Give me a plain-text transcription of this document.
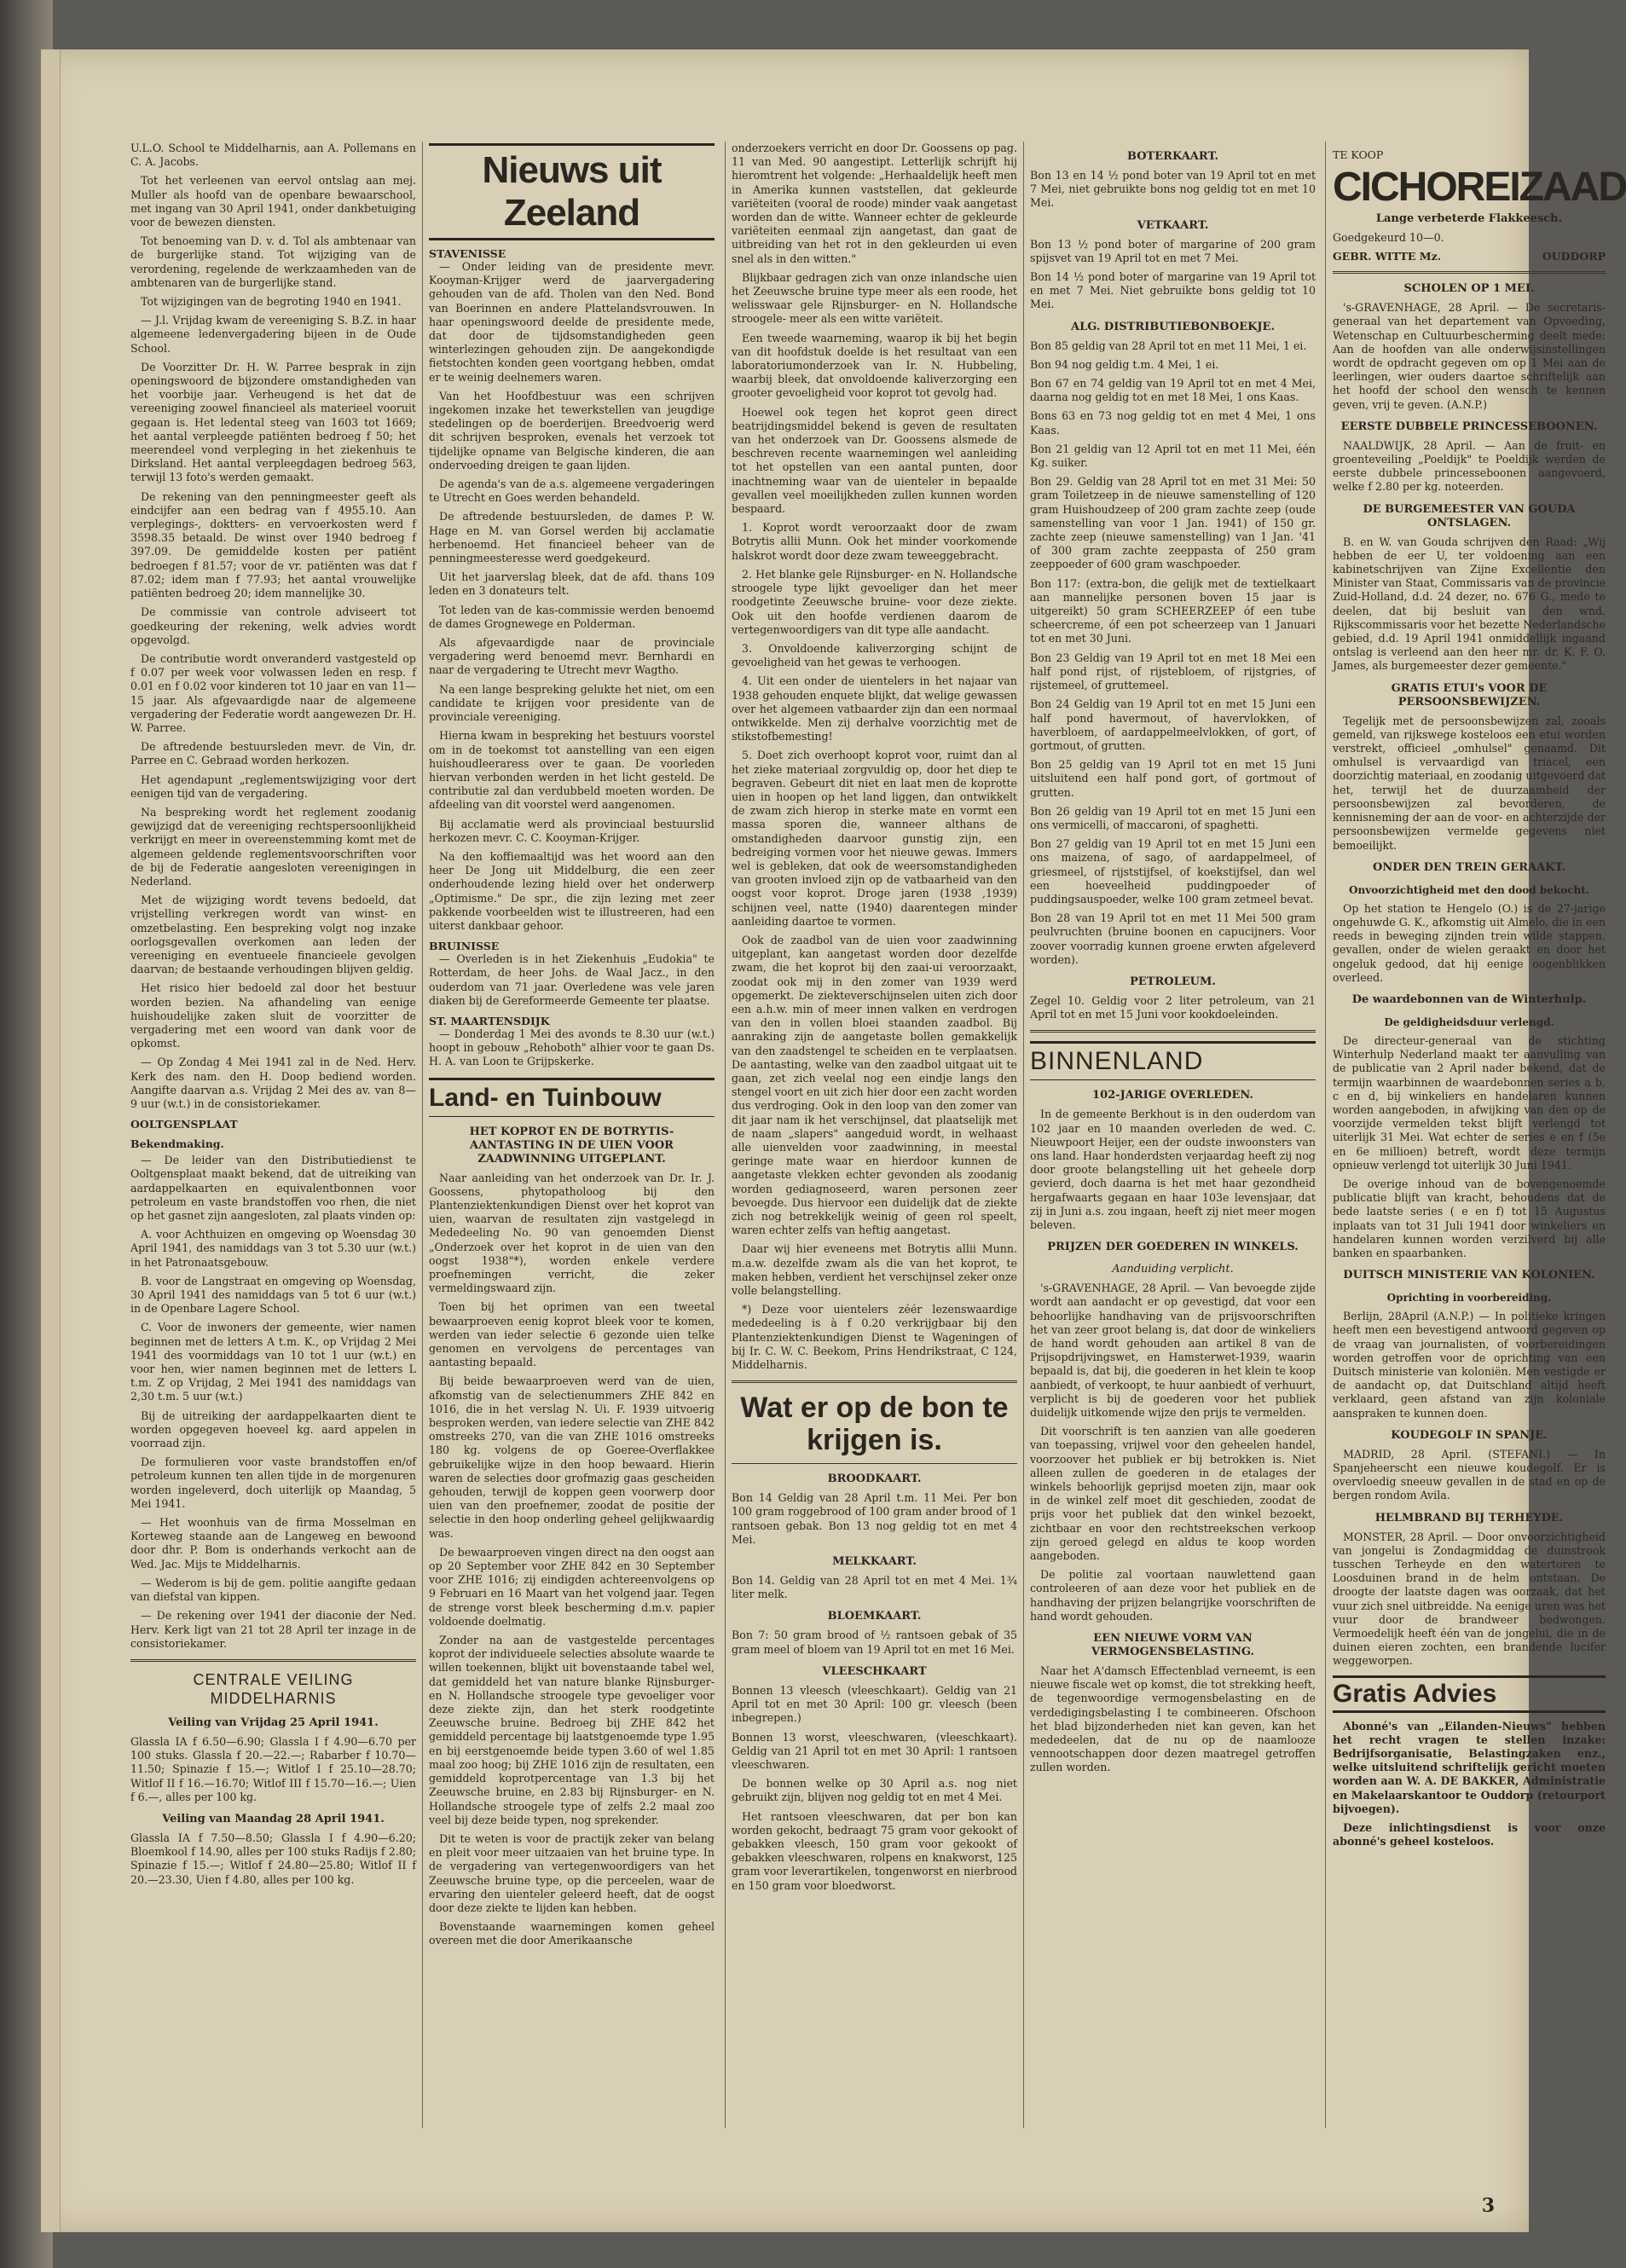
U.L.O. School te Middelharnis, aan A. Pollemans en C. A. Jacobs.

Tot het verleenen van eervol ontslag aan mej. Muller als hoofd van de openbare bewaarschool, met ingang van 30 April 1941, onder dankbetuiging voor de bewezen diensten.

Tot benoeming van D. v. d. Tol als ambtenaar van de burgerlijke stand. Tot wijziging van de verordening, regelende de werkzaamheden van de ambtenaren van de burgerlijke stand.

Tot wijzigingen van de begroting 1940 en 1941.

— J.l. Vrijdag kwam de vereeniging S. B.Z. in haar algemeene ledenvergadering bijeen in de Oude School.

De Voorzitter Dr. H. W. Parree besprak in zijn openingswoord de bijzondere omstandigheden van het voorbije jaar. Verheugend is het dat de vereeniging zoowel financieel als materieel vooruit gegaan is. Het ledental steeg van 1603 tot 1669; het aantal verpleegde patiënten bedroeg f 50; het meerendeel vond verpleging in het ziekenhuis te Dirksland. Het aantal verpleegdagen bedroeg 563, terwijl 13 foto's werden gemaakt.

De rekening van den penningmeester geeft als eindcijfer aan een bedrag van f 4955.10. Aan verplegings-, doktters- en vervoerkosten werd f 3598.35 betaald. De winst over 1940 bedroeg f 397.09. De gemiddelde kosten per patiënt bedroegen f 81.57; voor de vr. patiënten was dat f 87.02; idem man f 77.93; het aantal vrouwelijke patiënten bedroeg 20; idem mannelijke 30.

De commissie van controle adviseert tot goedkeuring der rekening, welk advies wordt opgevolgd.

De contributie wordt onveranderd vastgesteld op f 0.07 per week voor volwassen leden en resp. f 0.01 en f 0.02 voor kinderen tot 10 jaar en van 11—15 jaar. Als afgevaardigde naar de algemeene vergadering der Federatie wordt aangewezen Dr. H. W. Parree.

De aftredende bestuursleden mevr. de Vin, dr. Parree en C. Gebraad worden herkozen.

Het agendapunt „reglementswijziging voor dert eenigen tijd van de vergadering.

Na bespreking wordt het reglement zoodanig gewijzigd dat de vereeniging rechtspersoonlijkheid verkrijgt en meer in overeenstemming komt met de algemeen geldende reglementsvoorschriften voor de bij de Federatie aangesloten vereenigingen in Nederland.

Met de wijziging wordt tevens bedoeld, dat vrijstelling verkregen wordt van winst- en omzetbelasting. Een bespreking volgt nog inzake oorlogsgevallen overkomen aan leden der vereeniging en eventueele financieele gevolgen daarvan; de bestaande verhoudingen blijven geldig.

Het risico hier bedoeld zal door het bestuur worden bezien. Na afhandeling van eenige huishoudelijke zaken sluit de voorzitter de vergadering met een woord van dank voor de opkomst.

— Op Zondag 4 Mei 1941 zal in de Ned. Herv. Kerk des nam. den H. Doop bediend worden. Aangifte daarvan a.s. Vrijdag 2 Mei des av. van 8— 9 uur (w.t.) in de consistoriekamer.

OOLTGENSPLAAT
Bekendmaking.

— De leider van den Distributiedienst te Ooltgensplaat maakt bekend, dat de uitreiking van aardappelkaarten en equivalentbonnen voor petroleum en vaste brandstoffen voo rhen, die niet op het gasnet zijn aangesloten, zal plaats vinden op:

A. voor Achthuizen en omgeving op Woensdag 30 April 1941, des namiddags van 3 tot 5.30 uur (w.t.) in het Patronaatsgebouw.

B. voor de Langstraat en omgeving op Woensdag, 30 April 1941 des namiddags van 5 tot 6 uur (w.t.) in de Openbare Lagere School.

C. Voor de inwoners der gemeente, wier namen beginnen met de letters A t.m. K., op Vrijdag 2 Mei 1941 des voormiddags van 10 tot 1 uur (w.t.) en voor hen, wier namen beginnen met de letters L t.m. Z op Vrijdag, 2 Mei 1941 des namiddags van 2,30 t.m. 5 uur (w.t.)

Bij de uitreiking der aardappelkaarten dient te worden opgegeven hoeveel kg. aard appelen in voorraad zijn.

De formulieren voor vaste brandstoffen en/of petroleum kunnen ten allen tijde in de morgenuren worden ingeleverd, doch uiterlijk op Maandag, 5 Mei 1941.

— Het woonhuis van de firma Mosselman en Korteweg staande aan de Langeweg en bewoond door dhr. P. Bom is onderhands verkocht aan de Wed. Jac. Mijs te Middelharnis.

— Wederom is bij de gem. politie aangifte gedaan van diefstal van kippen.

— De rekening over 1941 der diaconie der Ned. Herv. Kerk ligt van 21 tot 28 April ter inzage in de consistoriekamer.

CENTRALE VEILING MIDDELHARNIS
Veiling van Vrijdag 25 April 1941.

Glassla IA f 6.50—6.90; Glassla I f 4.90—6.70 per 100 stuks. Glassla f 20.—22.—; Rabarber f 10.70—11.50; Spinazie f 15.—; Witlof I f 25.10—28.70; Witlof II f 16.—16.70; Witlof III f 15.70—16.—; Uien f 6.—, alles per 100 kg.

Veiling van Maandag 28 April 1941.

Glassla IA f 7.50—8.50; Glassla I f 4.90—6.20; Bloemkool f 14.90, alles per 100 stuks Radijs f 2.80; Spinazie f 15.—; Witlof f 24.80—25.80; Witlof II f 20.—23.30, Uien f 4.80, alles per 100 kg.

Nieuws uit Zeeland
STAVENISSE

— Onder leiding van de presidente mevr. Kooyman-Krijger werd de jaarvergadering gehouden van de afd. Tholen van den Ned. Bond van Boerinnen en andere Plattelandsvrouwen. In haar openingswoord deelde de presidente mede, dat door de tijdsomstandigheden geen winterlezingen gehouden zijn. De aangekondigde fietstochten konden geen voortgang hebben, omdat er te weinig deelnemers waren.

Van het Hoofdbestuur was een schrijven ingekomen inzake het tewerkstellen van jeugdige stedelingen op de boerderijen. Breedvoerig werd dit schrijven besproken, evenals het verzoek tot tijdelijke opname van Belgische kinderen, die aan ondervoeding dreigen te gaan lijden.

De agenda's van de a.s. algemeene vergaderingen te Utrecht en Goes werden behandeld.

De aftredende bestuursleden, de dames P. W. Hage en M. van Gorsel werden bij acclamatie herbenoemd. Het financieel beheer van de penningmeesteresse werd goedgekeurd.

Uit het jaarverslag bleek, dat de afd. thans 109 leden en 3 donateurs telt.

Tot leden van de kas-commissie werden benoemd de dames Grognewege en Polderman.

Als afgevaardigde naar de provinciale vergadering werd benoemd mevr. Bernhardi en naar de vergadering te Utrecht mevr Wagtho.

Na een lange bespreking gelukte het niet, om een candidate te krijgen voor presidente van de provinciale vereeniging.

Hierna kwam in bespreking het bestuurs voorstel om in de toekomst tot aanstelling van een eigen huishoudleeraress over te gaan. De voorleden hiervan verbonden werden in het licht gesteld. De contributie zal dan verdubbeld moeten worden. De afdeeling van dit voorstel werd aangenomen.

Bij acclamatie werd als provinciaal bestuurslid herkozen mevr. C. C. Kooyman-Krijger.

Na den koffiemaaltijd was het woord aan den heer De Jong uit Middelburg, die een zeer onderhoudende lezing hield over het onderwerp „Optimisme." De spr., die zijn lezing met zeer pakkende voorbeelden wist te illustreeren, had een uiterst dankbaar gehoor.

BRUINISSE

— Overleden is in het Ziekenhuis „Eudokia" te Rotterdam, de heer Johs. de Waal Jacz., in den ouderdom van 71 jaar. Overledene was vele jaren diaken bij de Gereformeerde Gemeente ter plaatse.

ST. MAARTENSDIJK

— Donderdag 1 Mei des avonds te 8.30 uur (w.t.) hoopt in gebouw „Rehoboth" alhier voor te gaan Ds. H. A. van Loon te Grijpskerke.

Land- en Tuinbouw
HET KOPROT EN DE BOTRYTIS-AANTASTING IN DE UIEN VOOR ZAADWINNING UITGEPLANT.

Naar aanleiding van het onderzoek van Dr. Ir. J. Goossens, phytopatholoog bij den Plantenziektenkundigen Dienst over het koprot van uien, waarvan de resultaten zijn vastgelegd in Mededeeling No. 90 van genoemden Dienst „Onderzoek over het koprot in de uien van den oogst 1938"*), worden enkele verdere proefnemingen verricht, die zeker vermeldingswaard zijn.

Toen bij het oprimen van een tweetal bewaarproeven eenig koprot bleek voor te komen, werden van ieder selectie 6 gezonde uien telke genomen en vervolgens de percentages van aantasting bepaald.

Bij beide bewaarproeven werd van de uien, afkomstig van de selectienummers ZHE 842 en 1016, die in het verslag N. Ui. F. 1939 uitvoerig besproken werden, van iedere selectie van ZHE 842 omstreeks 270, van die van ZHE 1016 omstreeks 180 kg. volgens de op Goeree-Overflakkee gebruikelijke wijze in den hoop bewaard. Hierin waren de selecties door grofmazig gaas gescheiden gehouden, terwijl de koppen geen voorwerp door uien van den proefnemer, zoodat de positie der selectie in den hoop onderling geheel gelijkwaardig was.

De bewaarproeven vingen direct na den oogst aan op 20 September voor ZHE 842 en 30 September voor ZHE 1016; zij eindigden achtereenvolgens op 9 Februari en 16 Maart van het volgend jaar. Tegen de strenge vorst bleek bescherming d.m.v. papier voldoende doelmatig.

Zonder na aan de vastgestelde percentages koprot der individueele selecties absolute waarde te willen toekennen, blijkt uit bovenstaande tabel wel, dat gemiddeld het van nature blanke Rijnsburger- en N. Hollandsche stroogele type gevoeliger voor deze ziekte zijn, dan het sterk roodgetinte Zeeuwsche bruine. Bedroeg bij ZHE 842 het gemiddeld percentage bij laatstgenoemde type 1.95 en bij eerstgenoemde beide typen 3.60 of wel 1.85 maal zoo hoog; bij ZHE 1016 zijn de resultaten, een gemiddeld koprotpercentage van 1.3 bij het Zeeuwsche bruine, en 2.83 bij Rijnsburger- en N. Hollandsche stroogele type of zelfs 2.2 maal zoo veel bij deze beide typen, nog sprekender.

Dit te weten is voor de practijk zeker van belang en pleit voor meer uitzaaien van het bruine type. In de vergadering van vertegenwoordigers van het Zeeuwsche bruine type, op die perceelen, waar de ervaring den uienteler geleerd heeft, dat de oogst door deze ziekte te lijden kan hebben.

Bovenstaande waarnemingen komen geheel overeen met die door Amerikaansche

onderzoekers verricht en door Dr. Goossens op pag. 11 van Med. 90 aangestipt. Letterlijk schrijft hij hieromtrent het volgende: „Herhaaldelijk heeft men in Amerika kunnen vaststellen, dat gekleurde variëteiten (vooral de roode) minder vaak aangetast worden dan de witte. Wanneer echter de gekleurde variëteiten eenmaal zijn aangetast, dan gaat de uitbreiding van het rot in den gekleurden ui even snel als in den witten."

Blijkbaar gedragen zich van onze inlandsche uien het Zeeuwsche bruine type meer als een roode, het welisswaar gele Rijnsburger- en N. Hollandsche stroogele- meer als een witte variëteit.

Een tweede waarneming, waarop ik bij het begin van dit hoofdstuk doelde is het resultaat van een laboratoriumonderzoek van Ir. N. Hubbeling, waarbij bleek, dat onvoldoende kaliverzorging een grooter gevoeligheid voor koprot tot gevolg had.

Hoewel ook tegen het koprot geen direct beatrijdingsmiddel bekend is geven de resultaten van het onderzoek van Dr. Goossens alsmede de beschreven recente waarnemingen wel aanleiding tot het opstellen van een aantal punten, door inachtneming waar van de uienteler in bepaalde gevallen veel moeilijkheden zullen kunnen worden bespaard.

1. Koprot wordt veroorzaakt door de zwam Botrytis allii Munn. Ook het minder voorkomende halskrot wordt door deze zwam teweeggebracht.

2. Het blanke gele Rijnsburger- en N. Hollandsche stroogele type lijkt gevoeliger dan het meer roodgetinte Zeeuwsche bruine- voor deze ziekte. Ook uit den hoofde verdienen daarom de vertegenwoordigers van dit type alle aandacht.

3. Onvoldoende kaliverzorging schijnt de gevoeligheid van het gewas te verhoogen.

4. Uit een onder de uientelers in het najaar van 1938 gehouden enquete blijkt, dat welige gewassen over het algemeen vatbaarder zijn dan een normaal ontwikkelde. Men zij derhalve voorzichtig met de stikstofbemesting!

5. Doet zich overhoopt koprot voor, ruimt dan al het zieke materiaal zorgvuldig op, door het diep te begraven. Gebeurt dit niet en laat men de koprotte uien in hoopen op het land liggen, dan ontwikkelt de zwam zich hierop in sterke mate en vormt een massa sporen die, wanneer althans de omstandigheden daarvoor gunstig zijn, een bedreiging vormen voor het nieuwe gewas. Immers wel is gebleken, dat ook de weersomstandigheden van grooten invloed zijn op de vatbaarheid van den oogst voor koprot. Droge jaren (1938 ,1939) schijnen veel, natte (1940) daarentegen minder aanleiding daartoe te vormen.

Ook de zaadbol van de uien voor zaadwinning uitgeplant, kan aangetast worden door dezelfde zwam, die het koprot bij den zaai-ui veroorzaakt, zoodat ook mij in den zomer van 1939 werd opgemerkt. De ziekteverschijnselen uiten zich door een a.h.w. min of meer innen valken en verdrogen van den in vollen bloei staanden zaadbol. Bij aanraking zijn de aangetaste bollen gemakkelijk van den zaadstengel te scheiden en te verplaatsen. De aantasting, welke van den zaadbol uitgaat uit te gaan, zet zich veelal nog een eindje langs den stengel voort en uit zich hier door een zacht worden dus verdroging. Ook in den loop van den zomer van dit jaar nam ik het verschijnsel, dat plaatselijk met de naam „slapers" aangeduid wordt, in welhaast alle uienvelden voor zaadwinning, in meestal geringe mate waar en hierdoor kunnen de aangetaste vlekken echter gevonden als zoodanig worden gediagnoseerd, waren personen zeer bevoegde. Dus hiervoor een duidelijk dat de ziekte zich nog betrekkelijk weinig of geen rol speelt, waren echter zelfs van heftig aangetast.

Daar wij hier eveneens met Botrytis allii Munn. m.a.w. dezelfde zwam als die van het koprot, te maken hebben, verdient het verschijnsel zeker onze volle belangstelling.

*) Deze voor uientelers zéér lezenswaardige mededeeling is à f 0.20 verkrijgbaar bij den Plantenziektenkundigen Dienst te Wageningen of bij Ir. C. W. C. Beekom, Prins Hendrikstraat, C 124, Middelharnis.

Wat er op de bon te krijgen is.
BROODKAART.

Bon 14 Geldig van 28 April t.m. 11 Mei. Per bon 100 gram roggebrood of 100 gram ander brood of 1 rantsoen gebak. Bon 13 nog geldig tot en met 4 Mei.

MELKKAART.

Bon 14. Geldig van 28 April tot en met 4 Mei. 1¾ liter melk.

BLOEMKAART.

Bon 7: 50 gram brood of ½ rantsoen gebak of 35 gram meel of bloem van 19 April tot en met 16 Mei.

VLEESCHKAART

Bonnen 13 vleesch (vleeschkaart). Geldig van 21 April tot en met 30 April: 100 gr. vleesch (been inbegrepen.)

Bonnen 13 worst, vleeschwaren, (vleeschkaart). Geldig van 21 April tot en met 30 April: 1 rantsoen vleeschwaren.

De bonnen welke op 30 April a.s. nog niet gebruikt zijn, blijven nog geldig tot en met 4 Mei.

Het rantsoen vleeschwaren, dat per bon kan worden gekocht, bedraagt 75 gram voor gekookt of gebakken vleesch, 150 gram voor gekookt of gebakken vleeschwaren, rolpens en knakworst, 125 gram voor leverartikelen, tongenworst en nierbrood en 150 gram voor bloedworst.

BOTERKAART.

Bon 13 en 14 ½ pond boter van 19 April tot en met 7 Mei, niet gebruikte bons nog geldig tot en met 10 Mei.

VETKAART.

Bon 13 ½ pond boter of margarine of 200 gram spijsvet van 19 April tot en met 7 Mei.

Bon 14 ½ pond boter of margarine van 19 April tot en met 7 Mei. Niet gebruikte bons geldig tot 10 Mei.

ALG. DISTRIBUTIEBONBOEKJE.

Bon 85 geldig van 28 April tot en met 11 Mei, 1 ei.

Bon 94 nog geldig t.m. 4 Mei, 1 ei.

Bon 67 en 74 geldig van 19 April tot en met 4 Mei, daarna nog geldig tot en met 18 Mei, 1 ons Kaas.

Bons 63 en 73 nog geldig tot en met 4 Mei, 1 ons Kaas.

Bon 21 geldig van 12 April tot en met 11 Mei, één Kg. suiker.

Bon 29. Geldig van 28 April tot en met 31 Mei: 50 gram Toiletzeep in de nieuwe samenstelling of 120 gram Huishoudzeep of 200 gram zachte zeep (oude samenstelling van voor 1 Jan. 1941) of 150 gr. zachte zeep (nieuwe samenstelling) van 1 Jan. '41 of 300 gram zachte zeeppasta of 250 gram zeeppoeder of 600 gram waschpoeder.

Bon 117: (extra-bon, die gelijk met de textielkaart aan mannelijke personen boven 15 jaar is uitgereikt) 50 gram SCHEERZEEP óf een tube scheercreme, óf een pot scheerzeep van 1 Januari tot en met 30 Juni.

Bon 23 Geldig van 19 April tot en met 18 Mei een half pond rijst, of rijstebloem, of rijstgries, of rijstemeel, of gruttemeel.

Bon 24 Geldig van 19 April tot en met 15 Juni een half pond havermout, of havervlokken, of haverbloem, of aardappelmeelvlokken, of gort, of gortmout, of grutten.

Bon 25 geldig van 19 April tot en met 15 Juni uitsluitend een half pond gort, of gortmout of grutten.

Bon 26 geldig van 19 April tot en met 15 Juni een ons vermicelli, of maccaroni, of spaghetti.

Bon 27 geldig van 19 April tot en met 15 Juni een ons maizena, of sago, of aardappelmeel, of griesmeel, of rijststijfsel, of koekstijfsel, dan wel een hoeveelheid puddingpoeder of puddingsauspoeder, welke 100 gram zetmeel bevat.

Bon 28 van 19 April tot en met 11 Mei 500 gram peulvruchten (bruine boonen en capucijners. Voor zoover voorradig kunnen groene erwten afgeleverd worden).

PETROLEUM.

Zegel 10. Geldig voor 2 liter petroleum, van 21 April tot en met 15 Juni voor kookdoeleinden.

BINNENLAND
102-JARIGE OVERLEDEN.

In de gemeente Berkhout is in den ouderdom van 102 jaar en 10 maanden overleden de wed. C. Nieuwpoort Heijer, een der oudste inwoonsters van ons land. Haar honderdsten verjaardag heeft zij nog door groote belangstelling uit het geheele dorp gevierd, doch daarna is het met haar gezondheid hergafwaarts gegaan en haar 103e levensjaar, dat zij in Juni a.s. zou ingaan, heeft zij niet meer mogen beleven.

PRIJZEN DER GOEDEREN IN WINKELS.
Aanduiding verplicht.

's-GRAVENHAGE, 28 April. — Van bevoegde zijde wordt aan aandacht er op gevestigd, dat voor een behoorlijke handhaving van de prijsvoorschriften het van zeer groot belang is, dat door de winkeliers de hand wordt gehouden aan artikel 8 van de Prijsopdrijvingswet, en Hamsterwet-1939, waarin bepaald is, dat bij, die goederen in het klein te koop aanbiedt, of verkoopt, te huur aanbiedt of verhuurt, verplicht is bij de goederen voor het publiek duidelijk uitkomende wijze den prijs te vermelden.

Dit voorschrift is ten aanzien van alle goederen van toepassing, vrijwel voor den geheelen handel, voorzoover het publiek er bij betrokken is. Niet alleen zullen de goederen in de etalages der winkels behoorlijk geprijsd moeten zijn, maar ook in de winkel zelf moet dit geschieden, zoodat de prijs voor het publiek dat den winkel bezoekt, zichtbaar en voor den rechtstreekschen verkoop zijn geroed gelegd en aldus te koop worden aangeboden.

De politie zal voortaan nauwlettend gaan controleeren of aan deze voor het publiek en de handhaving der prijzen belangrijke voorschriften de hand wordt gehouden.

EEN NIEUWE VORM VAN VERMOGENSBELASTING.

Naar het A'damsch Effectenblad verneemt, is een nieuwe fiscale wet op komst, die tot strekking heeft, de tegenwoordige vermogensbelasting en de verdedigingsbelasting I te combineeren. Ofschoon het blad bijzonderheden niet kan geven, kan het mededeelen, dat de nu op de naamlooze vennootschappen door dezen maatregel getroffen zullen worden.

TE KOOP
CICHOREIZAAD
Lange verbeterde Flakkeesch.

Goedgekeurd 10—0.

GEBR. WITTE Mz.	OUDDORP
SCHOLEN OP 1 MEI.

's-GRAVENHAGE, 28 April. — De secretaris-generaal van het departement van Opvoeding, Wetenschap en Cultuurbescherming deelt mede: Aan de hoofden van alle onderwijsinstellingen wordt de opdracht gegeven om op 1 Mei aan de leerlingen, wier ouders daartoe schriftelijk aan het hoofd der school den wensch te kennen geven, vrij te geven. (A.N.P.)

EERSTE DUBBELE PRINCESSEBOONEN.

NAALDWIJK, 28 April. — Aan de fruit- en groenteveiling „Poeldijk" te Poeldijk werden de eerste dubbele princesseboonen aangevoerd, welke f 2.80 per kg. noteerden.

DE BURGEMEESTER VAN GOUDA ONTSLAGEN.

B. en W. van Gouda schrijven den Raad: „Wij hebben de eer U, ter voldoening aan een kabinetschrijven van Zijne Excellentie den Minister van Staat, Commissaris van de provincie Zuid-Holland, d.d. 24 dezer, no. 676 G., mede te deelen, dat bij besluit van den wnd. Rijkscommissaris voor het bezette Nederlandsche gebied, d.d. 19 April 1941 onmiddellijk ingaand ontslag is verleend aan den heer mr. dr. K. F. O. James, als burgemeester dezer gemeente."

GRATIS ETUI's VOOR DE PERSOONSBEWIJZEN.

Tegelijk met de persoonsbewijzen zal, zooals gemeld, van rijkswege kosteloos een etui worden verstrekt, officieel „omhulsel" genaamd. Dit omhulsel is vervaardigd van triacel, een doorzichtig materiaal, en zoodanig uitgevoerd dat het, terwijl het de duurzaamheid der persoonsbewijzen zal bevorderen, de kennisneming der aan de voor- en achterzijde der persoonsbewijzen vermelde gegevens niet bemoeilijkt.

ONDER DEN TREIN GERAAKT.
Onvoorzichtigheid met den dood bekocht.

Op het station te Hengelo (O.) is de 27-jarige ongehuwde G. K., afkomstig uit Almelo, die in een reeds in beweging zijnden trein wilde stappen, gevallen, onder de wielen geraakt en door het ongeluk gedood, dat hij eenige oogenblikken overleed.

De waardebonnen van de Winterhulp.
De geldigheidsduur verlengd.

De directeur-generaal van de stichting Winterhulp Nederland maakt ter aanvulling van de publicatie van 2 April nader bekend, dat de termijn waarbinnen de waardebonnen series a b, c en d, bij winkeliers en handelaren kunnen worden aangeboden, in afwijking van den op de voorzijde vermelden tekst blijft verlengd tot uiterlijk 31 Mei. Wat echter de series e en f (5e en 6e millioen) betreft, wordt deze termijn opnieuw verlengd tot uiterlijk 30 Juni 1941.

De overige inhoud van de bovengenoemde publicatie blijft van kracht, behoudens dat de bede laatste series ( e en f) tot 15 Augustus inplaats van tot 31 Juli 1941 door winkeliers en handelaren kunnen worden verzilverd bij alle banken en spaarbanken.

DUITSCH MINISTERIE VAN KOLONIEN.
Oprichting in voorbereiding.

Berlijn, 28April (A.N.P.) — In politieke kringen heeft men een bevestigend antwoord gegeven op de vraag van journalisten, of voorbereidingen worden getroffen voor de oprichting van een Duitsch ministerie van koloniën. Men vestigde er de aandacht op, dat Duitschland altijd heeft verklaard, geen afstand van zijn koloniale aanspraken te kunnen doen.

KOUDEGOLF IN SPANJE.

MADRID, 28 April. (STEFANI.) — In Spanjeheerscht een nieuwe koudegolf. Er is overvloedig sneeuw gevallen in de stad en op de bergen rondom Avila.

HELMBRAND BIJ TERHEYDE.

MONSTER, 28 April. — Door onvoorzichtigheid van jongelui is Zondagmiddag de duinstrook tusschen Terheyde en den watertoren te Loosduinen brand in de helm ontstaan. De droogte der laatste dagen was oorzaak, dat het vuur zich snel uitbreidde. Na eenige uren was het vuur door de brandweer bedwongen. Vermoedelijk heeft één van de jongelui, die in de duinen eieren zochten, een brandende lucifer weggeworpen.

Gratis Advies

Abonné's van „Eilanden-Nieuws" hebben het recht vragen te stellen inzake: Bedrijfsorganisatie, Belastingzaken enz., welke uitsluitend schriftelijk gericht moeten worden aan W. A. DE BAKKER, Administratie en Makelaarskantoor te Ouddorp (retourport bijvoegen).

Deze inlichtingsdienst is voor onze abonné's geheel kosteloos.

3
